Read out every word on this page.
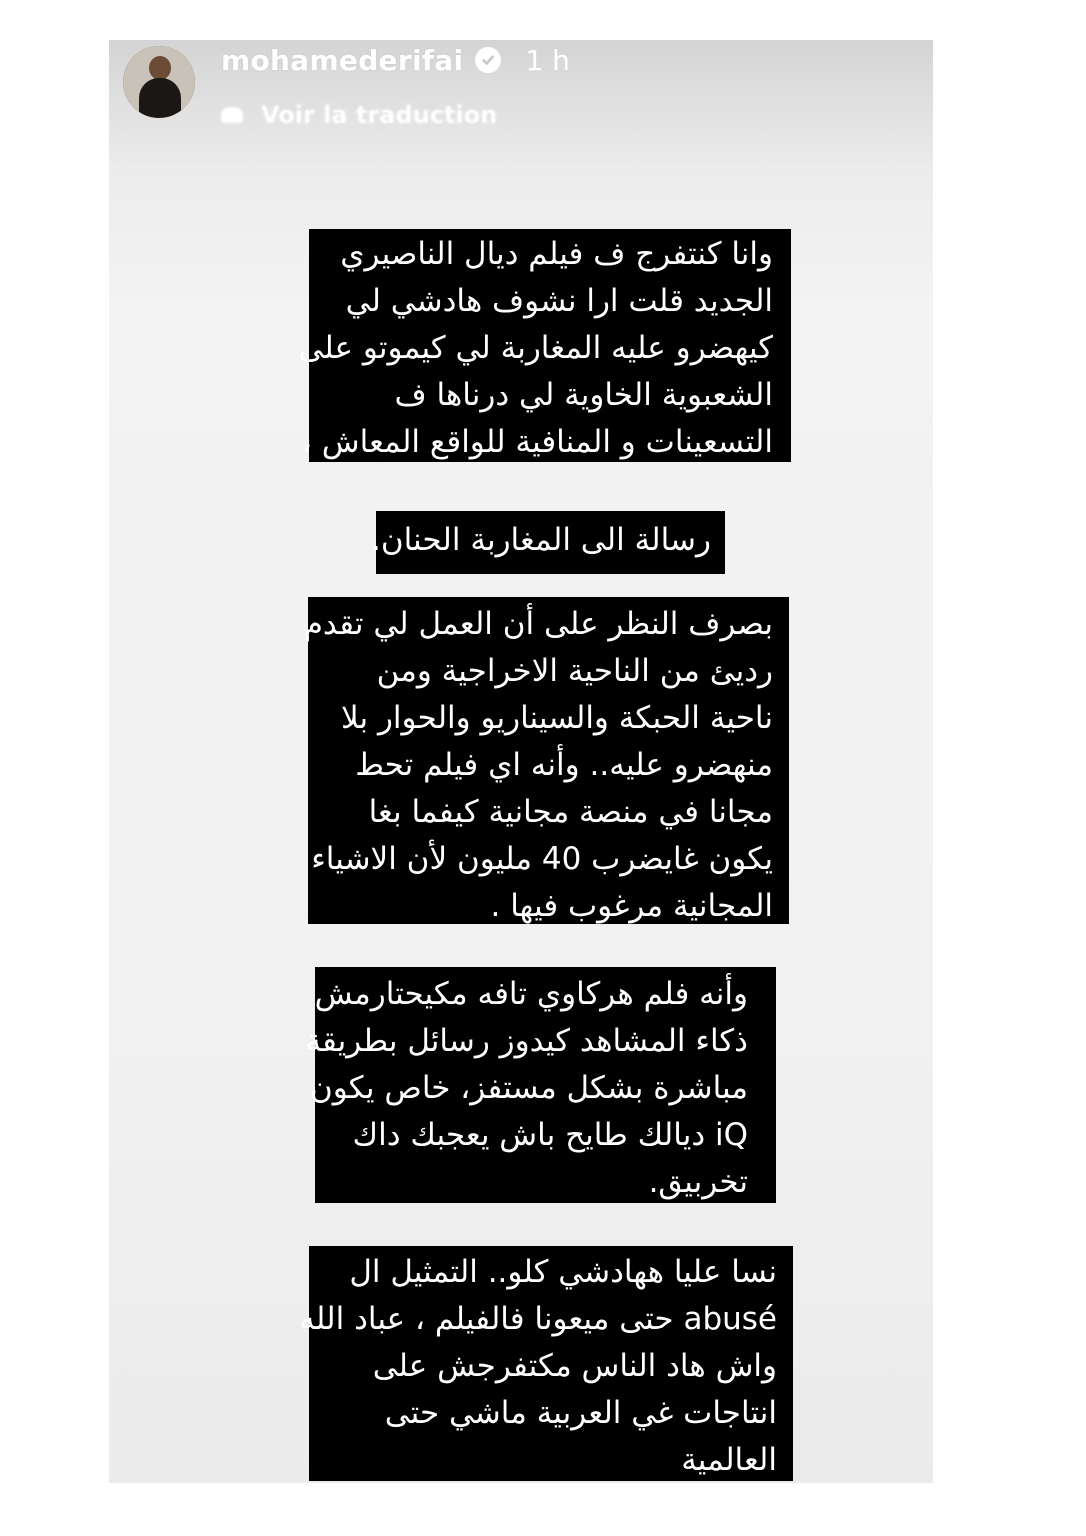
mohamederifai 1 h
Voir la traduction
وانا كنتفرج ف فيلم ديال الناصيري
الجديد قلت ارا نشوف هادشي لي
كيهضرو عليه المغاربة لي كيموتو على
الشعبوية الخاوية لي درناها ف
التسعينات و المنافية للواقع المعاش ،
رسالة الى المغاربة الحنان.
بصرف النظر على أن العمل لي تقدم
رديئ من الناحية الاخراجية ومن
ناحية الحبكة والسيناريو والحوار بلا
منهضرو عليه.. وأنه اي فيلم تحط
مجانا في منصة مجانية كيفما بغا
يكون غايضرب 40 مليون لأن الاشياء
المجانية مرغوب فيها .
وأنه فلم هركاوي تافه مكيحتارمش
ذكاء المشاهد كيدوز رسائل بطريقة
مباشرة بشكل مستفز، خاص يكون
iQ ديالك طايح باش يعجبك داك
تخربيق.
نسا عليا ههادشي كلو.. التمثيل ال
abusé حتى ميعونا فالفيلم ، عباد الله
واش هاد الناس مكتفرجش على
انتاجات غي العربية ماشي حتى
العالمية
